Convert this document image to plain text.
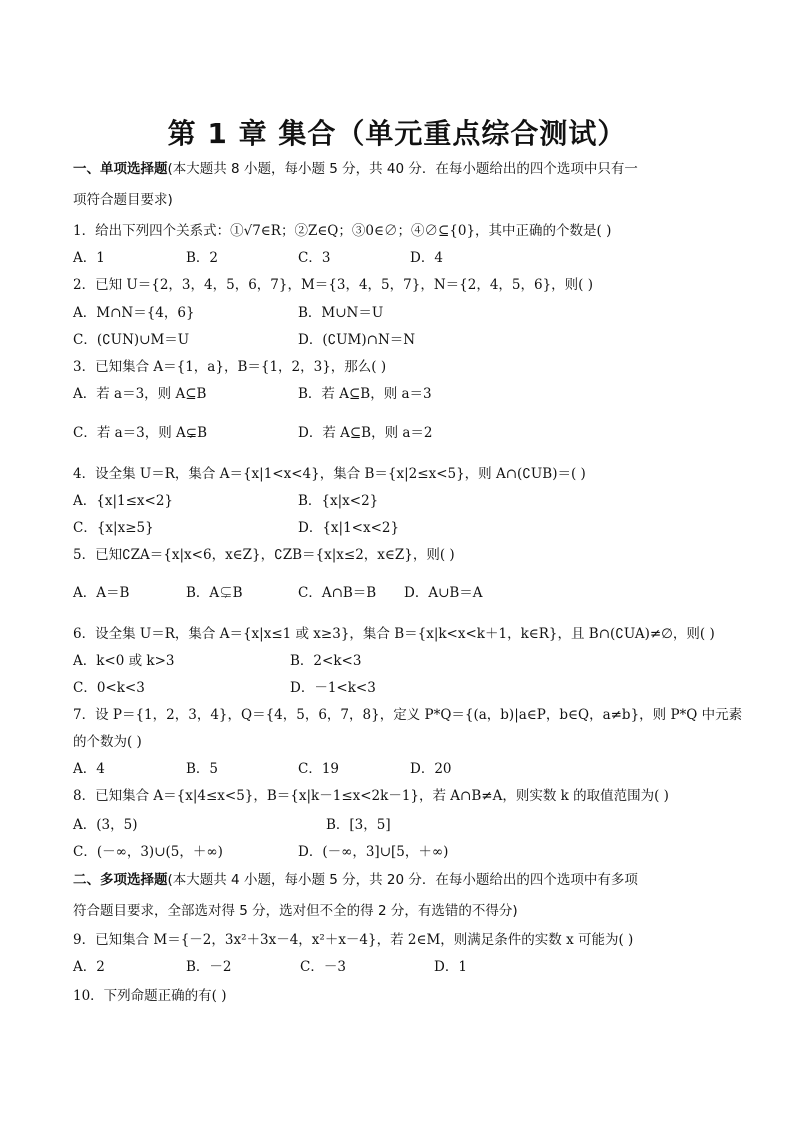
第 1 章 集合（单元重点综合测试）
一、单项选择题(本大题共 8 小题，每小题 5 分，共 40 分．在每小题给出的四个选项中只有一
项符合题目要求)
1．给出下列四个关系式：①√7∈R；②Z∈Q；③0∈∅；④∅⊆{0}，其中正确的个数是( )
A．1	B．2	C．3	D．4
2．已知 U＝{2，3，4，5，6，7}，M＝{3，4，5，7}，N＝{2，4，5，6}，则( )
A．M∩N＝{4，6}	B．M∪N＝U
C．(∁UN)∪M＝U	D．(∁UM)∩N＝N
3．已知集合 A＝{1，a}，B＝{1，2，3}，那么( )
A．若 a＝3，则 A⊆B	B．若 A⊆B，则 a＝3
C．若 a＝3，则 A⊊B	D．若 A⊆B，则 a＝2
4．设全集 U＝R，集合 A＝{x|1<x<4}，集合 B＝{x|2≤x<5}，则 A∩(∁UB)＝( )
A．{x|1≤x<2}	B．{x|x<2}
C．{x|x≥5}	D．{x|1<x<2}
5．已知∁ZA＝{x|x<6，x∈Z}，∁ZB＝{x|x≤2，x∈Z}，则( )
A．A＝B	B．A⊊B	C．A∩B＝B D．A∪B＝A
6．设全集 U＝R，集合 A＝{x|x≤1 或 x≥3}，集合 B＝{x|k<x<k＋1，k∈R}，且 B∩(∁UA)≠∅，则( )
A．k<0 或 k>3	B．2<k<3
C．0<k<3	D．－1<k<3
7．设 P＝{1，2，3，4}，Q＝{4，5，6，7，8}，定义 P*Q＝{(a，b)|a∈P，b∈Q，a≠b}，则 P*Q 中元素
的个数为( )
A．4	B．5	C．19	D．20
8．已知集合 A＝{x|4≤x<5}，B＝{x|k－1≤x<2k－1}，若 A∩B≠A，则实数 k 的取值范围为( )
A．(3，5)	B．[3，5]
C．(－∞，3)∪(5，＋∞)	D．(－∞，3]∪[5，＋∞)
二、多项选择题(本大题共 4 小题，每小题 5 分，共 20 分．在每小题给出的四个选项中有多项
符合题目要求，全部选对得 5 分，选对但不全的得 2 分，有选错的不得分)
9．已知集合 M＝{－2，3x²＋3x－4，x²＋x－4}，若 2∈M，则满足条件的实数 x 可能为( )
A．2	B．－2	C．－3	D．1
10．下列命题正确的有( )
